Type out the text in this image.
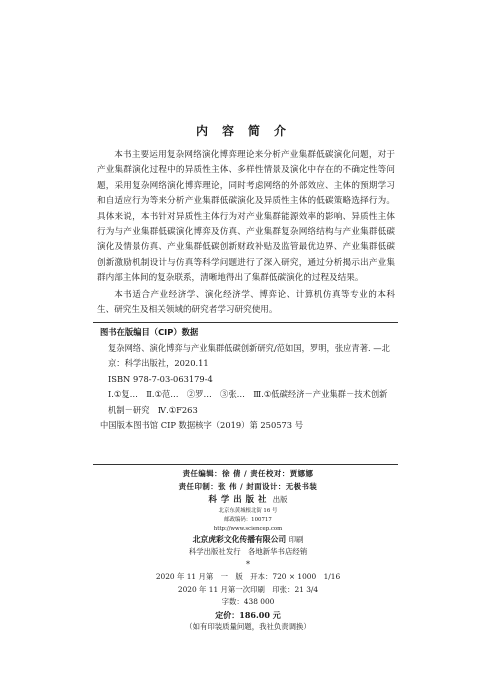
内容简介

本书主要运用复杂网络演化博弈理论来分析产业集群低碳演化问题，对于产业集群演化过程中的异质性主体、多样性情景及演化中存在的不确定性等问题，采用复杂网络演化博弈理论，同时考虑网络的外部效应、主体的预期学习和自适应行为等来分析产业集群低碳演化及异质性主体的低碳策略选择行为。具体来说，本书针对异质性主体行为对产业集群能源效率的影响、异质性主体行为与产业集群低碳演化博弈及仿真、产业集群复杂网络结构与产业集群低碳演化及情景仿真、产业集群低碳创新财政补贴及监管最优边界、产业集群低碳创新激励机制设计与仿真等科学问题进行了深入研究，通过分析揭示出产业集群内部主体间的复杂联系，清晰地得出了集群低碳演化的过程及结果。

本书适合产业经济学、演化经济学、博弈论、计算机仿真等专业的本科生、研究生及相关领域的研究者学习研究使用。

图书在版编目（CIP）数据
复杂网络、演化博弈与产业集群低碳创新研究/范如国，罗明，张应青著. —北京：科学出版社，2020.11
ISBN 978-7-03-063179-4
Ⅰ.①复…　Ⅱ.①范…　②罗…　③张…　Ⅲ.①低碳经济－产业集群－技术创新机制－研究　Ⅳ.①F263
中国版本图书馆 CIP 数据核字（2019）第 250573 号
责任编辑：徐 倩 / 责任校对：贾娜娜
责任印制：张 伟 / 封面设计：无极书装
科学出版社 出版
北京东黄城根北街 16 号
邮政编码：100717
http://www.sciencep.com
北京虎彩文化传播有限公司 印刷
科学出版社发行　各地新华书店经销
*
2020 年 11 月第　一　版　开本：720 × 1000　1/16
2020 年 11 月第一次印刷　印张：21 3/4
字数：438 000
定价：186.00 元
（如有印装质量问题，我社负责调换）
